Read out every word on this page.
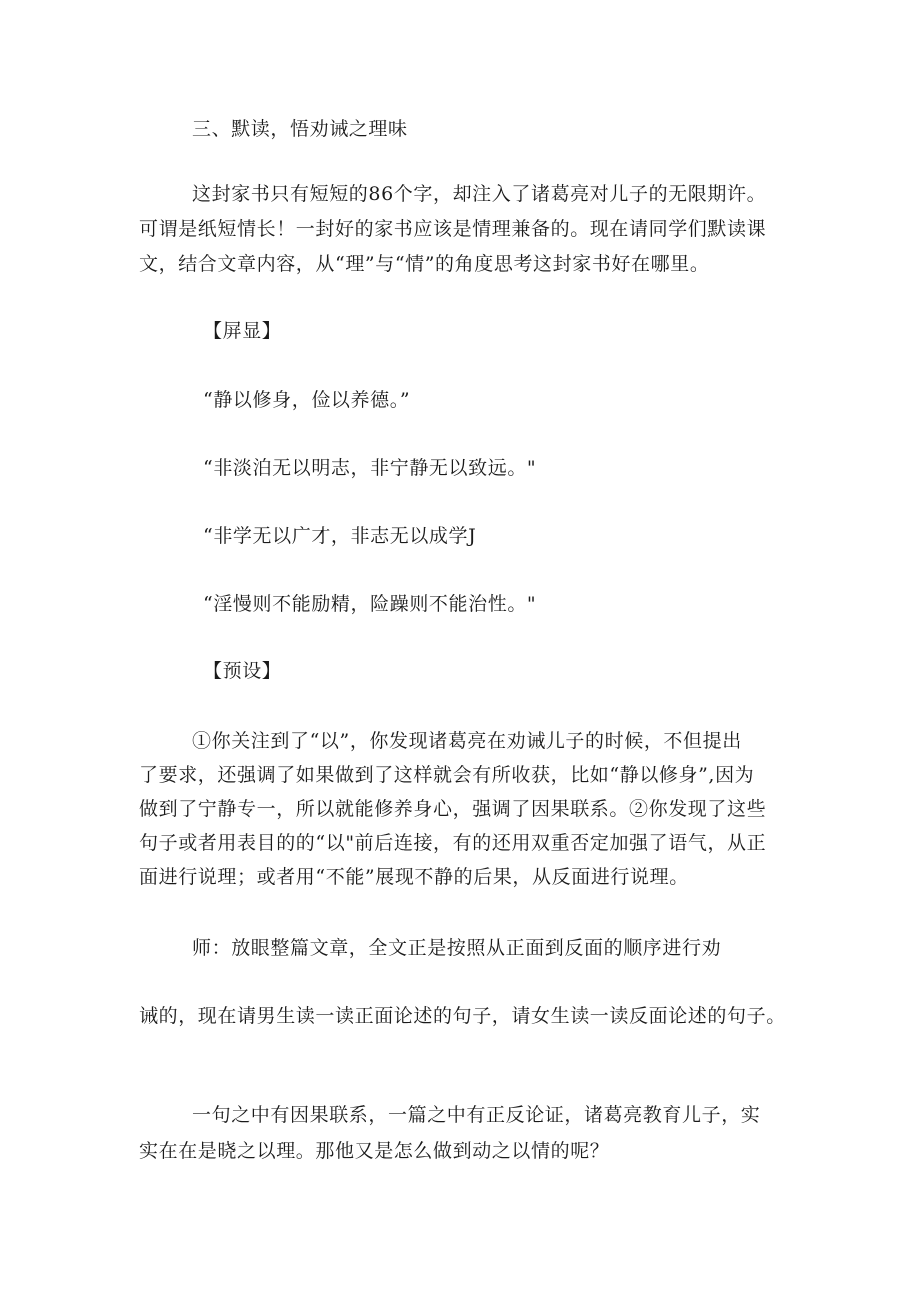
三、默读，悟劝诫之理味
这封家书只有短短的86个字，却注入了诸葛亮对儿子的无限期许。
可谓是纸短情长！一封好的家书应该是情理兼备的。现在请同学们默读课
文，结合文章内容，从“理”与“情”的角度思考这封家书好在哪里。
【屏显】
“静以修身，俭以养德。”
“非淡泊无以明志，非宁静无以致远。"
“非学无以广才，非志无以成学J
“淫慢则不能励精，险躁则不能治性。"
【预设】
①你关注到了“以”，你发现诸葛亮在劝诫儿子的时候，不但提出
了要求，还强调了如果做到了这样就会有所收获，比如“静以修身”,因为
做到了宁静专一，所以就能修养身心，强调了因果联系。②你发现了这些
句子或者用表目的的“以"前后连接，有的还用双重否定加强了语气，从正
面进行说理；或者用“不能”展现不静的后果，从反面进行说理。
师：放眼整篇文章，全文正是按照从正面到反面的顺序进行劝
诫的，现在请男生读一读正面论述的句子，请女生读一读反面论述的句子。
一句之中有因果联系，一篇之中有正反论证，诸葛亮教育儿子，实
实在在是晓之以理。那他又是怎么做到动之以情的呢？
